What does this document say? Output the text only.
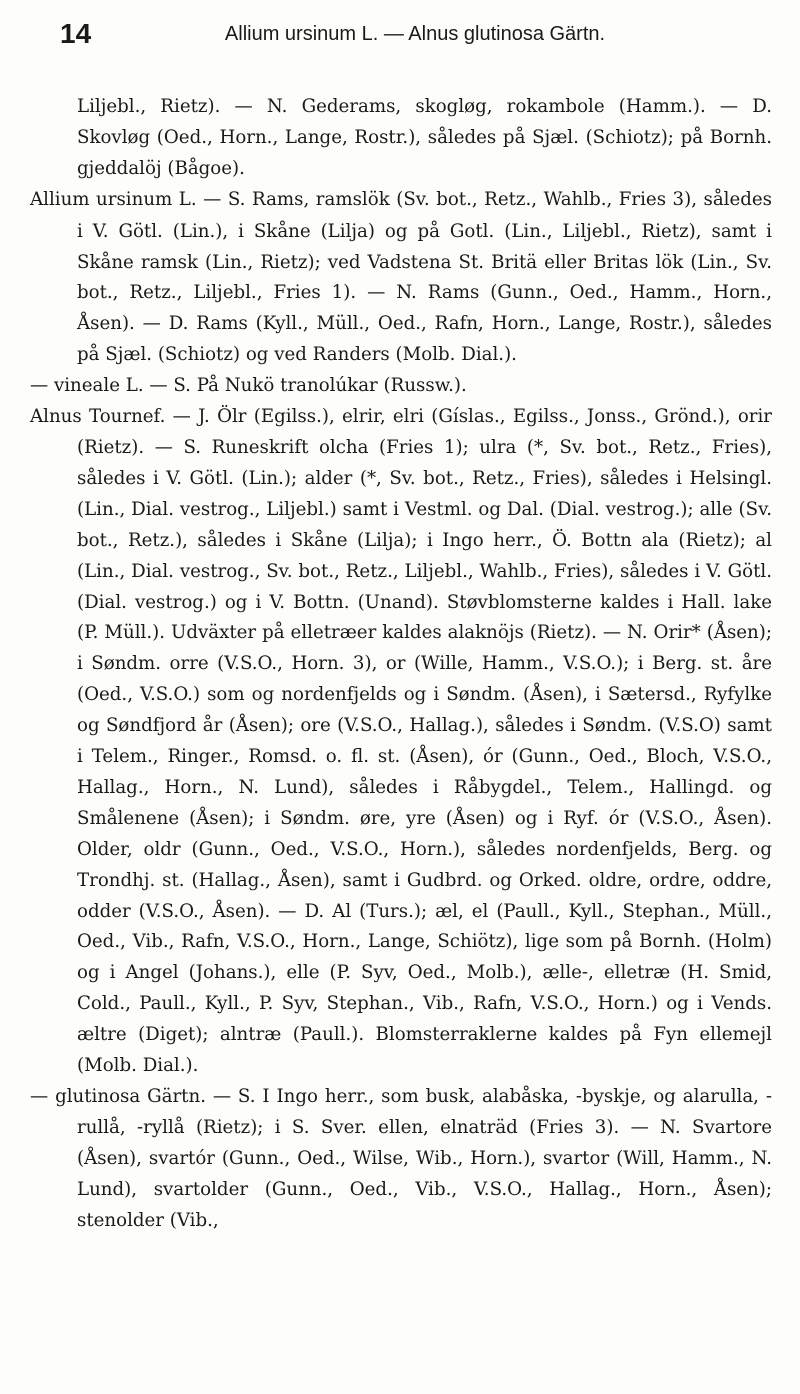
14	Allium ursinum L. — Alnus glutinosa Gärtn.

Liljebl., Rietz). — N. Gederams, skogløg, rokambole (Hamm.). — D. Skovløg (Oed., Horn., Lange, Rostr.), således på Sjæl. (Schiotz); på Bornh. gjeddalöj (Bågoe).

Allium ursinum L. — S. Rams, ramslök (Sv. bot., Retz., Wahlb., Fries 3), således i V. Götl. (Lin.), i Skåne (Lilja) og på Gotl. (Lin., Liljebl., Rietz), samt i Skåne ramsk (Lin., Rietz); ved Vadstena St. Britä eller Britas lök (Lin., Sv. bot., Retz., Liljebl., Fries 1). — N. Rams (Gunn., Oed., Hamm., Horn., Åsen). — D. Rams (Kyll., Müll., Oed., Rafn, Horn., Lange, Rostr.), således på Sjæl. (Schiotz) og ved Randers (Molb. Dial.).

— vineale L. — S. På Nukö tranolúkar (Russw.).

Alnus Tournef. — J. Ölr (Egilss.), elrir, elri (Gíslas., Egilss., Jonss., Grönd.), orir (Rietz). — S. Runeskrift olcha (Fries 1); ulra (*, Sv. bot., Retz., Fries), således i V. Götl. (Lin.); alder (*, Sv. bot., Retz., Fries), således i Helsingl. (Lin., Dial. vestrog., Liljebl.) samt i Vestml. og Dal. (Dial. vestrog.); alle (Sv. bot., Retz.), således i Skåne (Lilja); i Ingo herr., Ö. Bottn ala (Rietz); al (Lin., Dial. vestrog., Sv. bot., Retz., Liljebl., Wahlb., Fries), således i V. Götl. (Dial. vestrog.) og i V. Bottn. (Unand). Støvblomsterne kaldes i Hall. lake (P. Müll.). Udväxter på elletræer kaldes alaknöjs (Rietz). — N. Orir* (Åsen); i Søndm. orre (V.S.O., Horn. 3), or (Wille, Hamm., V.S.O.); i Berg. st. åre (Oed., V.S.O.) som og nordenfjelds og i Søndm. (Åsen), i Sætersd., Ryfylke og Søndfjord år (Åsen); ore (V.S.O., Hallag.), således i Søndm. (V.S.O) samt i Telem., Ringer., Romsd. o. fl. st. (Åsen), ór (Gunn., Oed., Bloch, V.S.O., Hallag., Horn., N. Lund), således i Råbygdel., Telem., Hallingd. og Smålenene (Åsen); i Søndm. øre, yre (Åsen) og i Ryf. ór (V.S.O., Åsen). Older, oldr (Gunn., Oed., V.S.O., Horn.), således nordenfjelds, Berg. og Trondhj. st. (Hallag., Åsen), samt i Gudbrd. og Orked. oldre, ordre, oddre, odder (V.S.O., Åsen). — D. Al (Turs.); æl, el (Paull., Kyll., Stephan., Müll., Oed., Vib., Rafn, V.S.O., Horn., Lange, Schiötz), lige som på Bornh. (Holm) og i Angel (Johans.), elle (P. Syv, Oed., Molb.), ælle-, elletræ (H. Smid, Cold., Paull., Kyll., P. Syv, Stephan., Vib., Rafn, V.S.O., Horn.) og i Vends. æltre (Diget); alntræ (Paull.). Blomsterraklerne kaldes på Fyn ellemejl (Molb. Dial.).

— glutinosa Gärtn. — S. I Ingo herr., som busk, alabåska, -byskje, og alarulla, -rullå, -ryllå (Rietz); i S. Sver. ellen, elnaträd (Fries 3). — N. Svartore (Åsen), svartór (Gunn., Oed., Wilse, Wib., Horn.), svartor (Will, Hamm., N. Lund), svartolder (Gunn., Oed., Vib., V.S.O., Hallag., Horn., Åsen); stenolder (Vib.,
